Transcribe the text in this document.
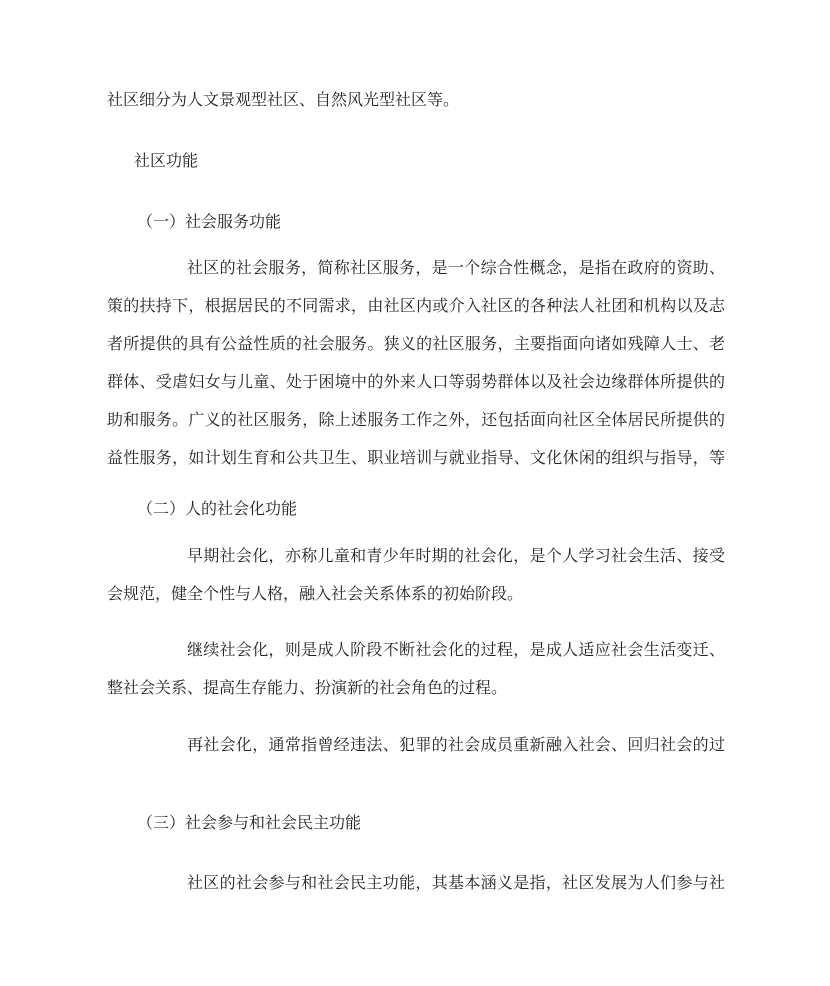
社区细分为人文景观型社区、自然风光型社区等。
社区功能
（一）社会服务功能
社区的社会服务，简称社区服务，是一个综合性概念，是指在政府的资助、
策的扶持下，根据居民的不同需求，由社区内或介入社区的各种法人社团和机构以及志
者所提供的具有公益性质的社会服务。狭义的社区服务，主要指面向诸如残障人士、老
群体、受虐妇女与儿童、处于困境中的外来人口等弱势群体以及社会边缘群体所提供的
助和服务。广义的社区服务，除上述服务工作之外，还包括面向社区全体居民所提供的
益性服务，如计划生育和公共卫生、职业培训与就业指导、文化休闲的组织与指导，等
（二）人的社会化功能
早期社会化，亦称儿童和青少年时期的社会化，是个人学习社会生活、接受
会规范，健全个性与人格，融入社会关系体系的初始阶段。
继续社会化，则是成人阶段不断社会化的过程，是成人适应社会生活变迁、
整社会关系、提高生存能力、扮演新的社会角色的过程。
再社会化，通常指曾经违法、犯罪的社会成员重新融入社会、回归社会的过
（三）社会参与和社会民主功能
社区的社会参与和社会民主功能，其基本涵义是指，社区发展为人们参与社
